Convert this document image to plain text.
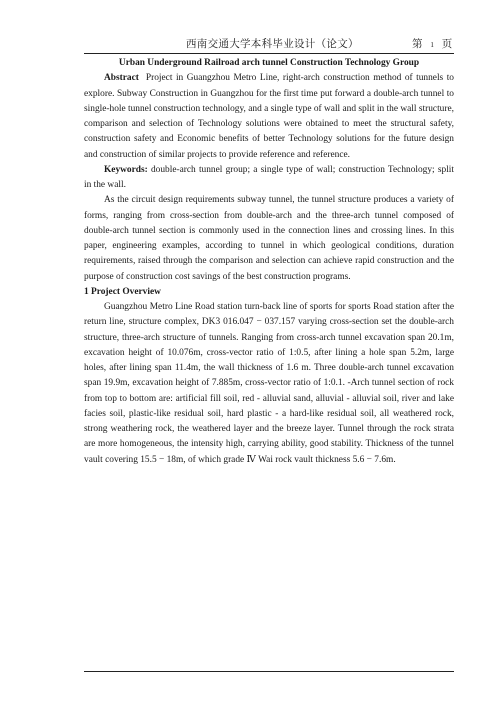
西南交通大学本科毕业设计（论文）	第 1 页

Urban Underground Railroad arch tunnel Construction Technology Group

Abstract Project in Guangzhou Metro Line, right-arch construction method of tunnels to explore. Subway Construction in Guangzhou for the first time put forward a double-arch tunnel to single-hole tunnel construction technology, and a single type of wall and split in the wall structure, comparison and selection of Technology solutions were obtained to meet the structural safety, construction safety and Economic benefits of better Technology solutions for the future design and construction of similar projects to provide reference and reference.

Keywords: double-arch tunnel group; a single type of wall; construction Technology; split in the wall.

As the circuit design requirements subway tunnel, the tunnel structure produces a variety of forms, ranging from cross-section from double-arch and the three-arch tunnel composed of double-arch tunnel section is commonly used in the connection lines and crossing lines. In this paper, engineering examples, according to tunnel in which geological conditions, duration requirements, raised through the comparison and selection can achieve rapid construction and the purpose of construction cost savings of the best construction programs.

1 Project Overview

Guangzhou Metro Line Road station turn-back line of sports for sports Road station after the return line, structure complex, DK3 016.047 − 037.157 varying cross-section set the double-arch structure, three-arch structure of tunnels. Ranging from cross-arch tunnel excavation span 20.1m, excavation height of 10.076m, cross-vector ratio of 1:0.5, after lining a hole span 5.2m, large holes, after lining span 11.4m, the wall thickness of 1.6 m. Three double-arch tunnel excavation span 19.9m, excavation height of 7.885m, cross-vector ratio of 1:0.1. -Arch tunnel section of rock from top to bottom are: artificial fill soil, red - alluvial sand, alluvial - alluvial soil, river and lake facies soil, plastic-like residual soil, hard plastic - a hard-like residual soil, all weathered rock, strong weathering rock, the weathered layer and the breeze layer. Tunnel through the rock strata are more homogeneous, the intensity high, carrying ability, good stability. Thickness of the tunnel vault covering 15.5 − 18m, of which grade Ⅳ Wai rock vault thickness 5.6 − 7.6m.
